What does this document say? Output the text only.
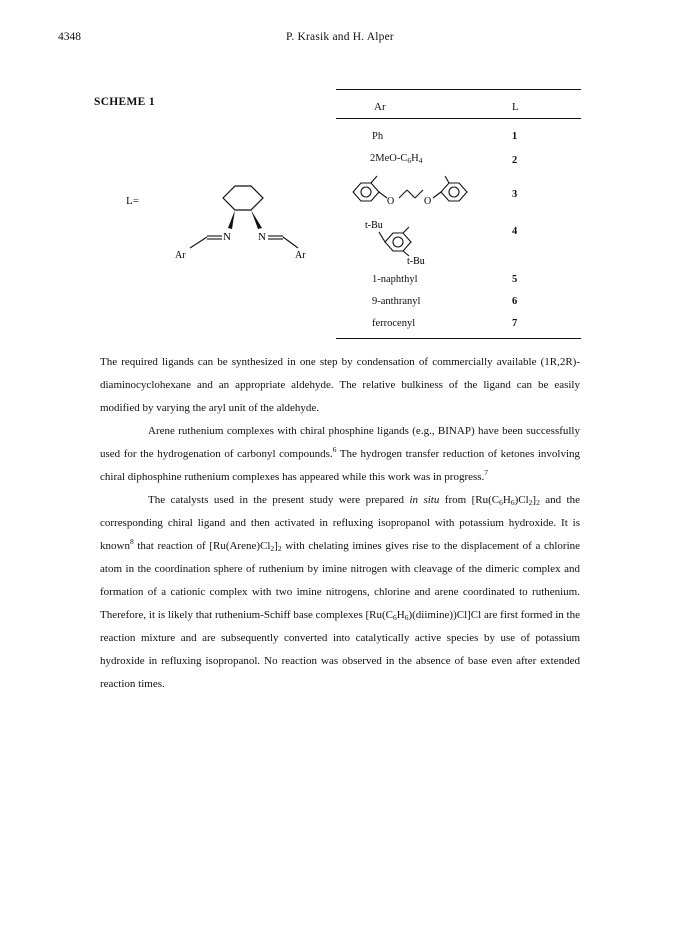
4348	P. Krasik and H. Alper
SCHEME 1
L=
N N
Ar	Ar
Ar	L
Ph	1
$2MeO-C_6H_4$	2
O	O
3
t-Bu
t-Bu
4
1-naphthyl	5
9-anthranyl	6
ferrocenyl	7

The required ligands can be synthesized in one step by condensation of commercially available (1R,2R)-diaminocyclohexane and an appropriate aldehyde. The relative bulkiness of the ligand can be easily modified by varying the aryl unit of the aldehyde.

Arene ruthenium complexes with chiral phosphine ligands (e.g., BINAP) have been successfully used for the hydrogenation of carbonyl compounds.$^6$ The hydrogen transfer reduction of ketones involving chiral diphosphine ruthenium complexes has appeared while this work was in progress.$^7$

The catalysts used in the present study were prepared in situ from $[Ru(C_6H_6)Cl_2]_2$ and the corresponding chiral ligand and then activated in refluxing isopropanol with potassium hydroxide. It is known$^8$ that reaction of $[Ru(Arene)Cl_2]_2$ with chelating imines gives rise to the displacement of a chlorine atom in the coordination sphere of ruthenium by imine nitrogen with cleavage of the dimeric complex and formation of a cationic complex with two imine nitrogens, chlorine and arene coordinated to ruthenium. Therefore, it is likely that ruthenium-Schiff base complexes $[Ru(C_6H_6)(diimine))Cl]Cl$ are first formed in the reaction mixture and are subsequently converted into catalytically active species by use of potassium hydroxide in refluxing isopropanol. No reaction was observed in the absence of base even after extended reaction times.
